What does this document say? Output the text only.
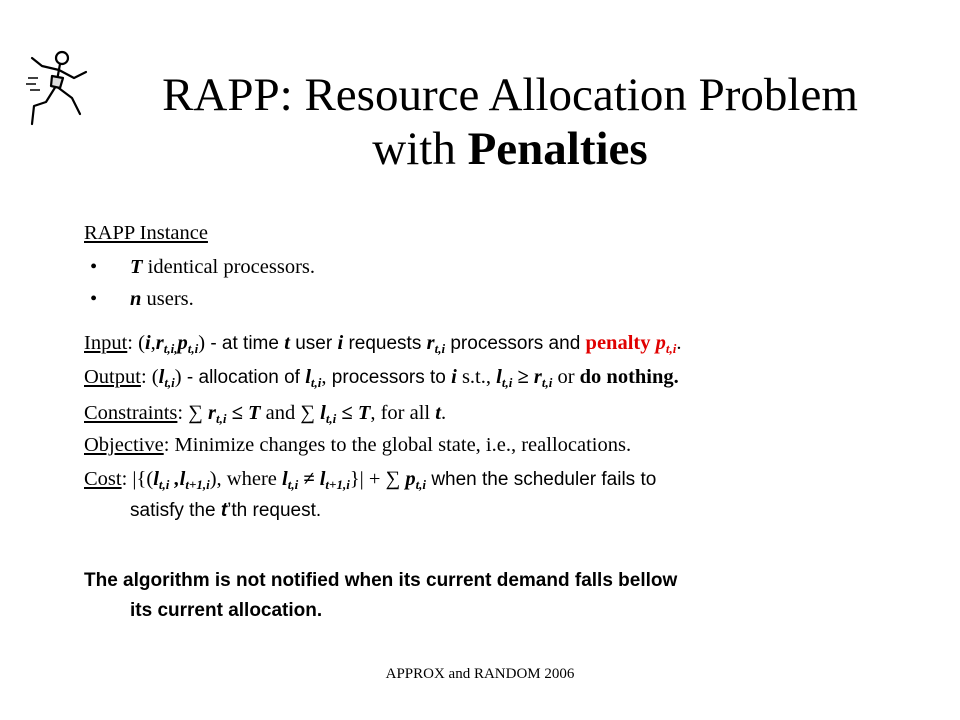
RAPP: Resource Allocation Problem
with Penalties
RAPP Instance
• T identical processors.
• n users.
Input: $(i,r_{t,i,}p_{t,i})$ - at time t user i requests $r_{t,i}$ processors and penalty $p_{t,i}$.
Output: $(l_{t,i})$ - allocation of $l_{t,i}$, processors to i s.t., $l_{t,i} \ge r_{t,i}$ or do nothing.
Constraints: ∑ $r_{t,i} \le T$ and ∑ $l_{t,i} \le T$, for all t.
Objective: Minimize changes to the global state, i.e., reallocations.
Cost: $|\{(l_{t,i}$ $,l_{t+1,i}$), where $l_{t,i} \ne l_{t+1,i}\}|$ + ∑ $p_{t,i}$ when the scheduler fails to
satisfy the t’th request.
The algorithm is not notified when its current demand falls bellow
its current allocation.
APPROX and RANDOM 2006
